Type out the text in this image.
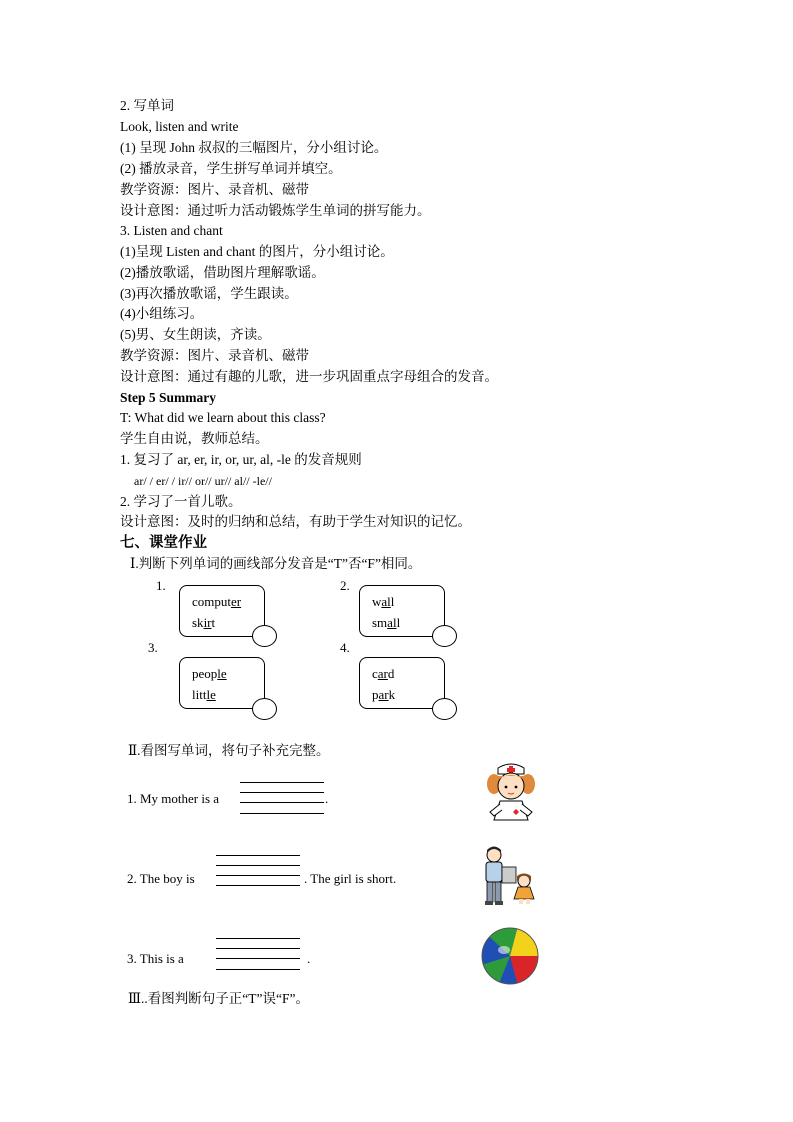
2. 写单词
Look, listen and write
(1) 呈现 John 叔叔的三幅图片，分小组讨论。
(2) 播放录音，学生拼写单词并填空。
教学资源：图片、录音机、磁带
设计意图：通过听力活动锻炼学生单词的拼写能力。
3. Listen and chant
(1)呈现 Listen and chant 的图片，分小组讨论。
(2)播放歌谣，借助图片理解歌谣。
(3)再次播放歌谣，学生跟读。
(4)小组练习。
(5)男、女生朗读，齐读。
教学资源：图片、录音机、磁带
设计意图：通过有趣的儿歌，进一步巩固重点字母组合的发音。
Step 5 Summary
T: What did we learn about this class?
学生自由说，教师总结。
1. 复习了 ar, er, ir, or, ur, al, -le 的发音规则
ar/ / er/ / ir// or// ur// al// -le//
2. 学习了一首儿歌。
设计意图：及时的归纳和总结，有助于学生对知识的记忆。
七、课堂作业
Ⅰ.判断下列单词的画线部分发音是“T”否“F”相同。
1.
computer
skirt
2.
wall
small
3.
people
little
4.
card
park
Ⅱ.看图写单词，将句子补充完整。
1. My mother is a	.
2. The boy is	. The girl is short.
3. This is a	.
Ⅲ..看图判断句子正“T”误“F”。
